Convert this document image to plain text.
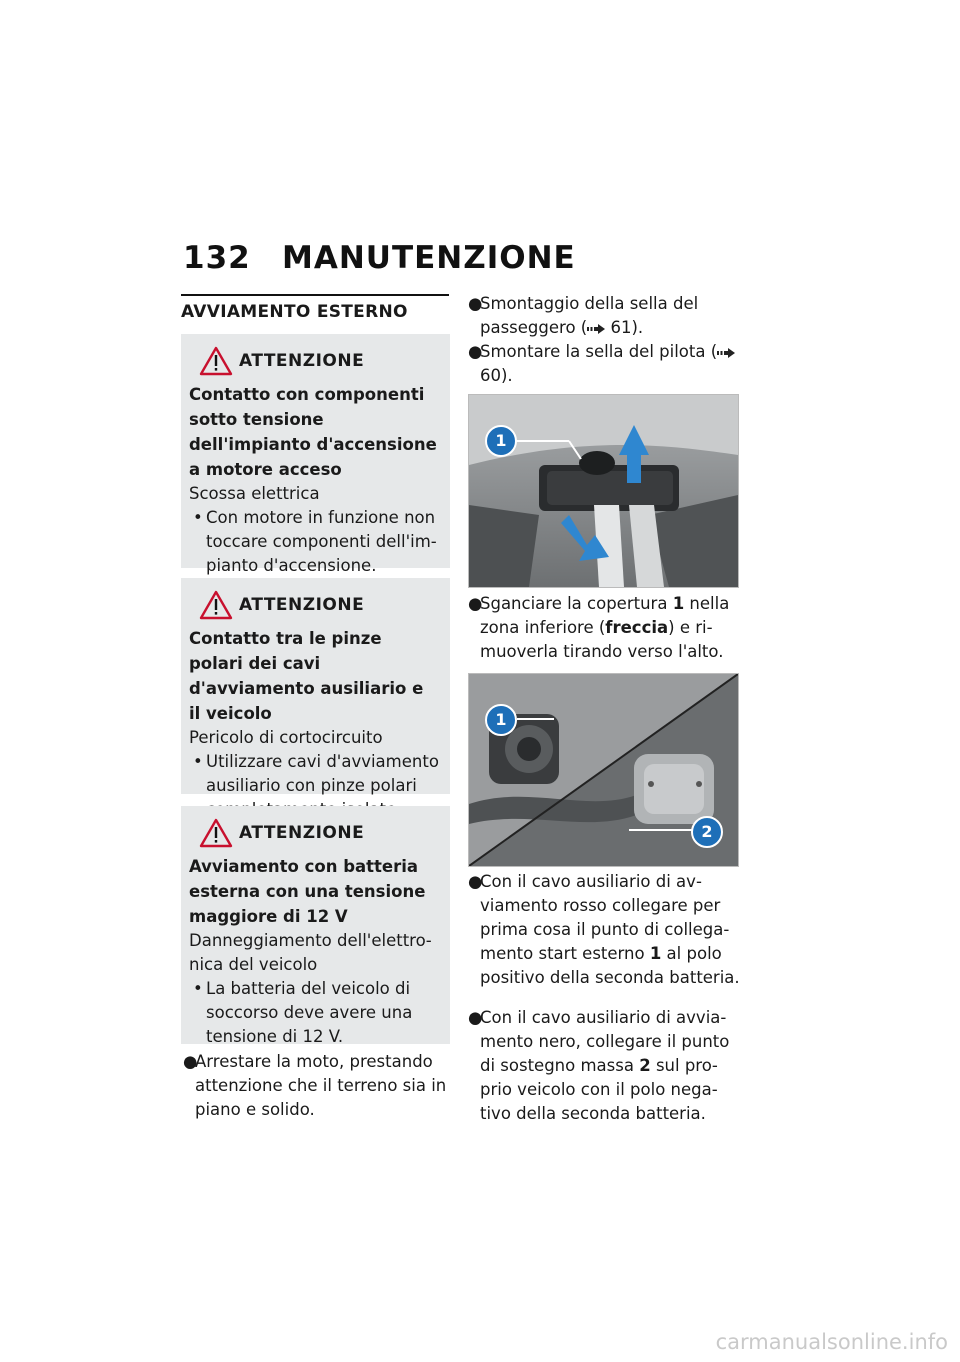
132 MANUTENZIONE
AVVIAMENTO ESTERNO
ATTENZIONE
Contatto con componenti sotto tensione dell'impianto d'accensione a motore acceso
Scossa elettrica
• Con motore in funzione non toccare componenti dell'impianto d'accensione.
ATTENZIONE
Contatto tra le pinze polari dei cavi d'avviamento ausiliario e il veicolo
Pericolo di cortocircuito
• Utilizzare cavi d'avviamento ausiliario con pinze polari
ATTENZIONE
Avviamento con batteria esterna con una tensione maggiore di 12 V
Danneggiamento dell'elettronica del veicolo
• La batteria del veicolo di soccorso deve avere una tensione di 12 V.
●
Arrestare la moto, prestando attenzione che il terreno sia in piano e solido.
●
Smontaggio della sella del passeggero ( 61).
●
Smontare la sella del pilota ( 60).
1
●
Sganciare la copertura 1 nella zona inferiore (freccia) e rimuoverla tirando verso l'alto.
1
2
●
Con il cavo ausiliario di avviamento rosso collegare per prima cosa il punto di collegamento start esterno 1 al polo positivo della seconda batteria.
●
Con il cavo ausiliario di avviamento nero, collegare il punto di sostegno massa 2 sul proprio veicolo con il polo negativo della seconda batteria.
carmanualsonline.info
